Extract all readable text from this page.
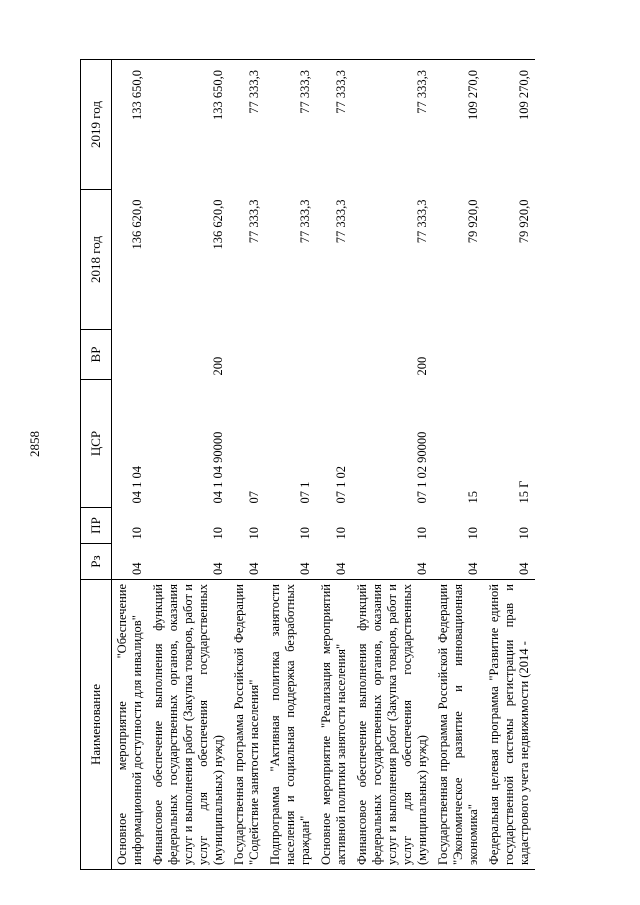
2858
Наименование	Рз	ПР	ЦСР	ВР	2018 год	2019 год
Основное мероприятие "Обеспечение информационной доступности для инвалидов"	04	10	04 1 04		136 620,0	133 650,0
Финансовое обеспечение выполнения функций федеральных государственных органов, оказания услуг и выполнения работ (Закупка товаров, работ и услуг для обеспечения государственных (муниципальных) нужд)	04	10	04 1 04 90000	200	136 620,0	133 650,0
Государственная программа Российской Федерации "Содействие занятости населения"	04	10	07		77 333,3	77 333,3
Подпрограмма "Активная политика занятости населения и социальная поддержка безработных граждан"	04	10	07 1		77 333,3	77 333,3
Основное мероприятие "Реализация мероприятий активной политики занятости населения"	04	10	07 1 02		77 333,3	77 333,3
Финансовое обеспечение выполнения функций федеральных государственных органов, оказания услуг и выполнения работ (Закупка товаров, работ и услуг для обеспечения государственных (муниципальных) нужд)	04	10	07 1 02 90000	200	77 333,3	77 333,3
Государственная программа Российской Федерации "Экономическое развитие и инновационная экономика"	04	10	15		79 920,0	109 270,0
Федеральная целевая программа "Развитие единой государственной системы регистрации прав и кадастрового учета недвижимости (2014 -	04	10	15 Г		79 920,0	109 270,0
